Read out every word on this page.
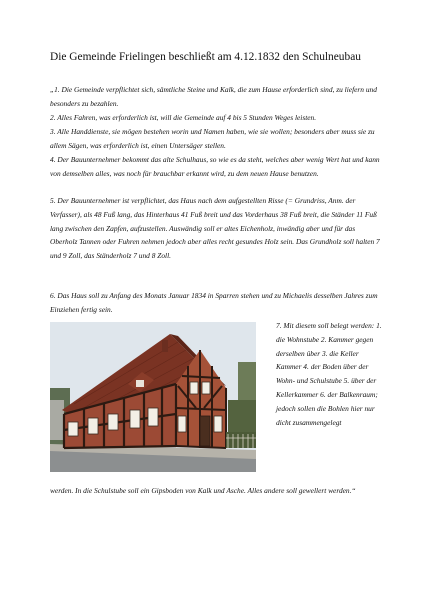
Die Gemeinde Frielingen beschließt am 4.12.1832 den Schulneubau

„1. Die Gemeinde verpflichtet sich, sämtliche Steine und Kalk, die zum Hause erforderlich sind, zu liefern und besonders zu bezahlen.

2. Alles Fahren, was erforderlich ist, will die Gemeinde auf 4 bis 5 Stunden Weges leisten.

3. Alle Handdienste, sie mögen bestehen worin und Namen haben, wie sie wollen; besonders aber muss sie zu allem Sägen, was erforderlich ist, einen Untersäger stellen.

4. Der Bauunternehmer bekommt das alte Schulhaus, so wie es da steht, welches aber wenig Wert hat und kann von demselben alles, was noch für brauchbar erkannt wird, zu dem neuen Hause benutzen.

5. Der Bauunternehmer ist verpflichtet, das Haus nach dem aufgestellten Risse (= Grundriss, Anm. der Verfasser), als 48 Fuß lang, das Hinterhaus 41 Fuß breit und das Vorderhaus 38 Fuß breit, die Ständer 11 Fuß lang zwischen den Zapfen, aufzustellen. Auswändig soll er altes Eichenholz, inwändig aber und für das Oberholz Tannen oder Fuhren nehmen jedoch aber alles recht gesundes Holz sein. Das Grundholz soll halten 7 und 9 Zoll, das Ständerholz 7 und 8 Zoll.

6. Das Haus soll zu Anfang des Monats Januar 1834 in Sparren stehen und zu Michaelis desselben Jahres zum Einziehen fertig sein.

7. Mit diesem soll belegt werden: 1. die Wohnstube 2. Kammer gegen derselben über 3. die Keller Kammer 4. der Boden über der Wohn- und Schulstube 5. über der Kellerkammer 6. der Balkenraum; jedoch sollen die Bohlen hier nur dicht zusammengelegt

werden. In die Schulstube soll ein Gipsboden von Kalk und Asche. Alles andere soll gewellert werden.“
